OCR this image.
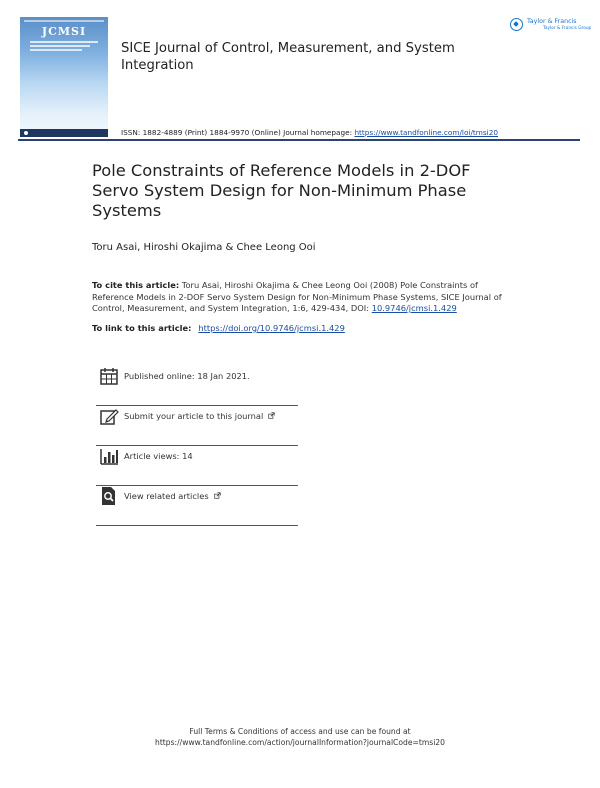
JCMSI
SICE Journal of Control, Measurement, and System Integration
ISSN: 1882-4889 (Print) 1884-9970 (Online) Journal homepage: https://www.tandfonline.com/loi/tmsi20
Taylor & Francis
Taylor & Francis Group
Pole Constraints of Reference Models in 2-DOF Servo System Design for Non-Minimum Phase Systems
Toru Asai, Hiroshi Okajima & Chee Leong Ooi
To cite this article: Toru Asai, Hiroshi Okajima & Chee Leong Ooi (2008) Pole Constraints of Reference Models in 2-DOF Servo System Design for Non-Minimum Phase Systems, SICE Journal of Control, Measurement, and System Integration, 1:6, 429-434, DOI: 10.9746/jcmsi.1.429
To link to this article: https://doi.org/10.9746/jcmsi.1.429
Published online: 18 Jan 2021.
Submit your article to this journal
Article views: 14
View related articles
Full Terms & Conditions of access and use can be found at
https://www.tandfonline.com/action/journalInformation?journalCode=tmsi20
